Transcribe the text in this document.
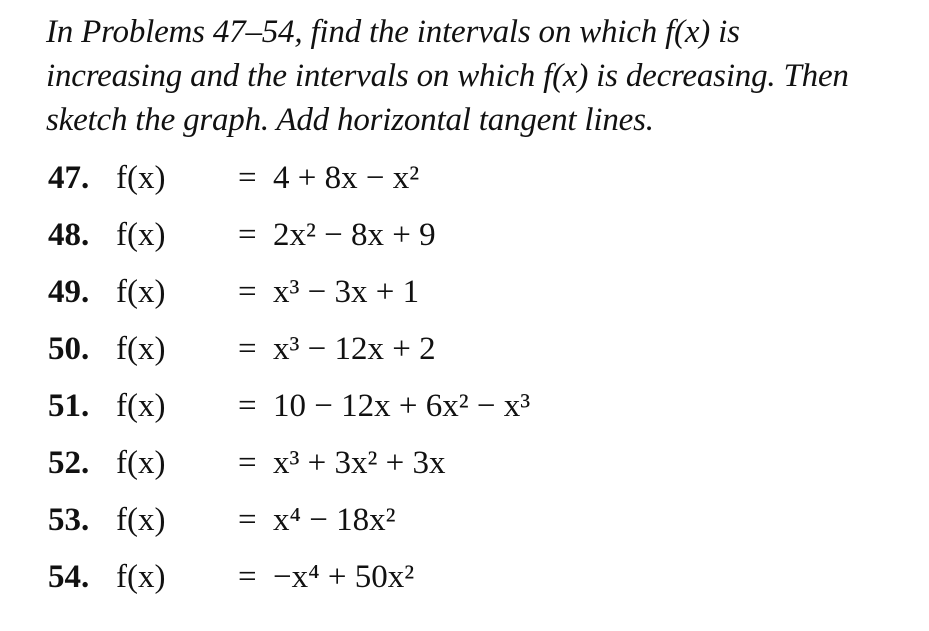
In Problems 47–54, find the intervals on which f(x) is
increasing and the intervals on which f(x) is decreasing. Then
sketch the graph. Add horizontal tangent lines.
47. f(x) = 4 + 8x − x²
48. f(x) = 2x² − 8x + 9
49. f(x) = x³ − 3x + 1
50. f(x) = x³ − 12x + 2
51. f(x) = 10 − 12x + 6x² − x³
52. f(x) = x³ + 3x² + 3x
53. f(x) = x⁴ − 18x²
54. f(x) = −x⁴ + 50x²
